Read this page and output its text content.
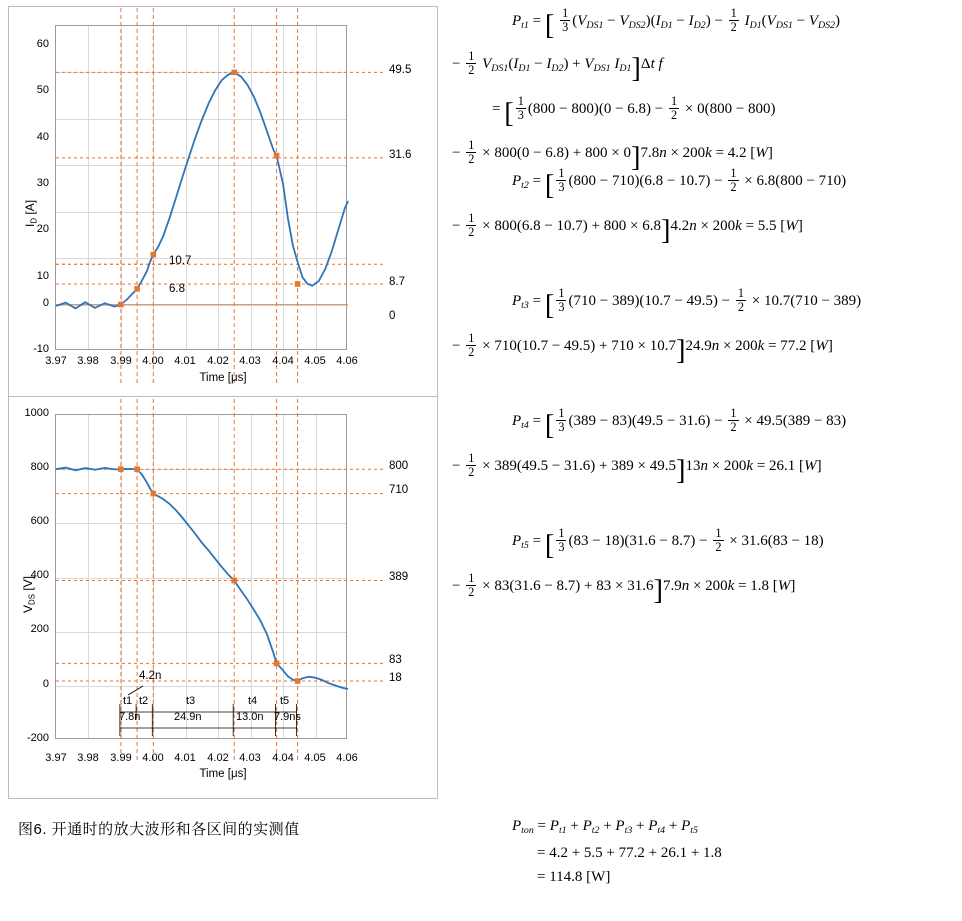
60
50
40
30
20
10
0
-10
$I_D$ [A]
3.97 3.98	3.99 4.00 4.01	4.02 4.03	4.04 4.05 4.06
Time [μs]
49.5
31.6
8.7
0
10.7
6.8
1000
800
600
400
200
0
-200
$V_{DS}$ [V]
3.97 3.98	3.99 4.00 4.01	4.02 4.03	4.04 4.05 4.06
Time [μs]
800
710
389
83
18
4.2n
t1 t2	t3	t4 t5
7.8n	24.9n	13.0n 7.9ns
图6. 开通时的放大波形和各区间的实测值
$P_{t1}$ = [ $\frac{1}{3} (V_{DS1} - V_{DS2})(I_{D1} - I_{D2}) - \frac{1}{2} I_{D1}(V_{DS1} - V_{DS2})$
− $\frac{1}{2} V_{DS1}(I_{D1} - I_{D2}) + V_{DS1}$ $I_{D1}]\Delta t$ f
= [ $\frac{1}{3} (800 - 800)(0 - 6.8) - \frac{1}{2} \times 0(800 - 800)$
− $\frac{1}{2} \times 800(0 - 6.8) + 800 \times 0]7.8n \times 200k = 4.2$ [W]
$P_{t2}$ = [ $\frac{1}{3} (800 - 710)(6.8 - 10.7) - \frac{1}{2} \times 6.8(800 - 710)$
− $\frac{1}{2} \times 800(6.8 - 10.7) + 800 \times 6.8]4.2n \times 200k = 5.5$ [W]
$P_{t3}$ = [ $\frac{1}{3} (710 - 389)(10.7 - 49.5) - \frac{1}{2} \times 10.7(710 - 389)$
− $\frac{1}{2} \times 710(10.7 - 49.5) + 710 \times 10.7]24.9n \times 200k = 77.2$ [W]
$P_{t4}$ = [ $\frac{1}{3} (389 - 83)(49.5 - 31.6) - \frac{1}{2} \times 49.5(389 - 83)$
− $\frac{1}{2} \times 389(49.5 - 31.6) + 389 \times 49.5]13n \times 200k = 26.1$ [W]
$P_{t5}$ = [ $\frac{1}{3} (83 - 18)(31.6 - 8.7) - \frac{1}{2} \times 31.6(83 - 18)$
− $\frac{1}{2} \times 83(31.6 - 8.7) + 83 \times 31.6]7.9n \times 200k = 1.8$ [W]
$P_{ton} = P_{t1} + P_{t2} + P_{t3} + P_{t4} + P_{t5}$
= 4.2 + 5.5 + 77.2 + 26.1 + 1.8
= 114.8 [W]
